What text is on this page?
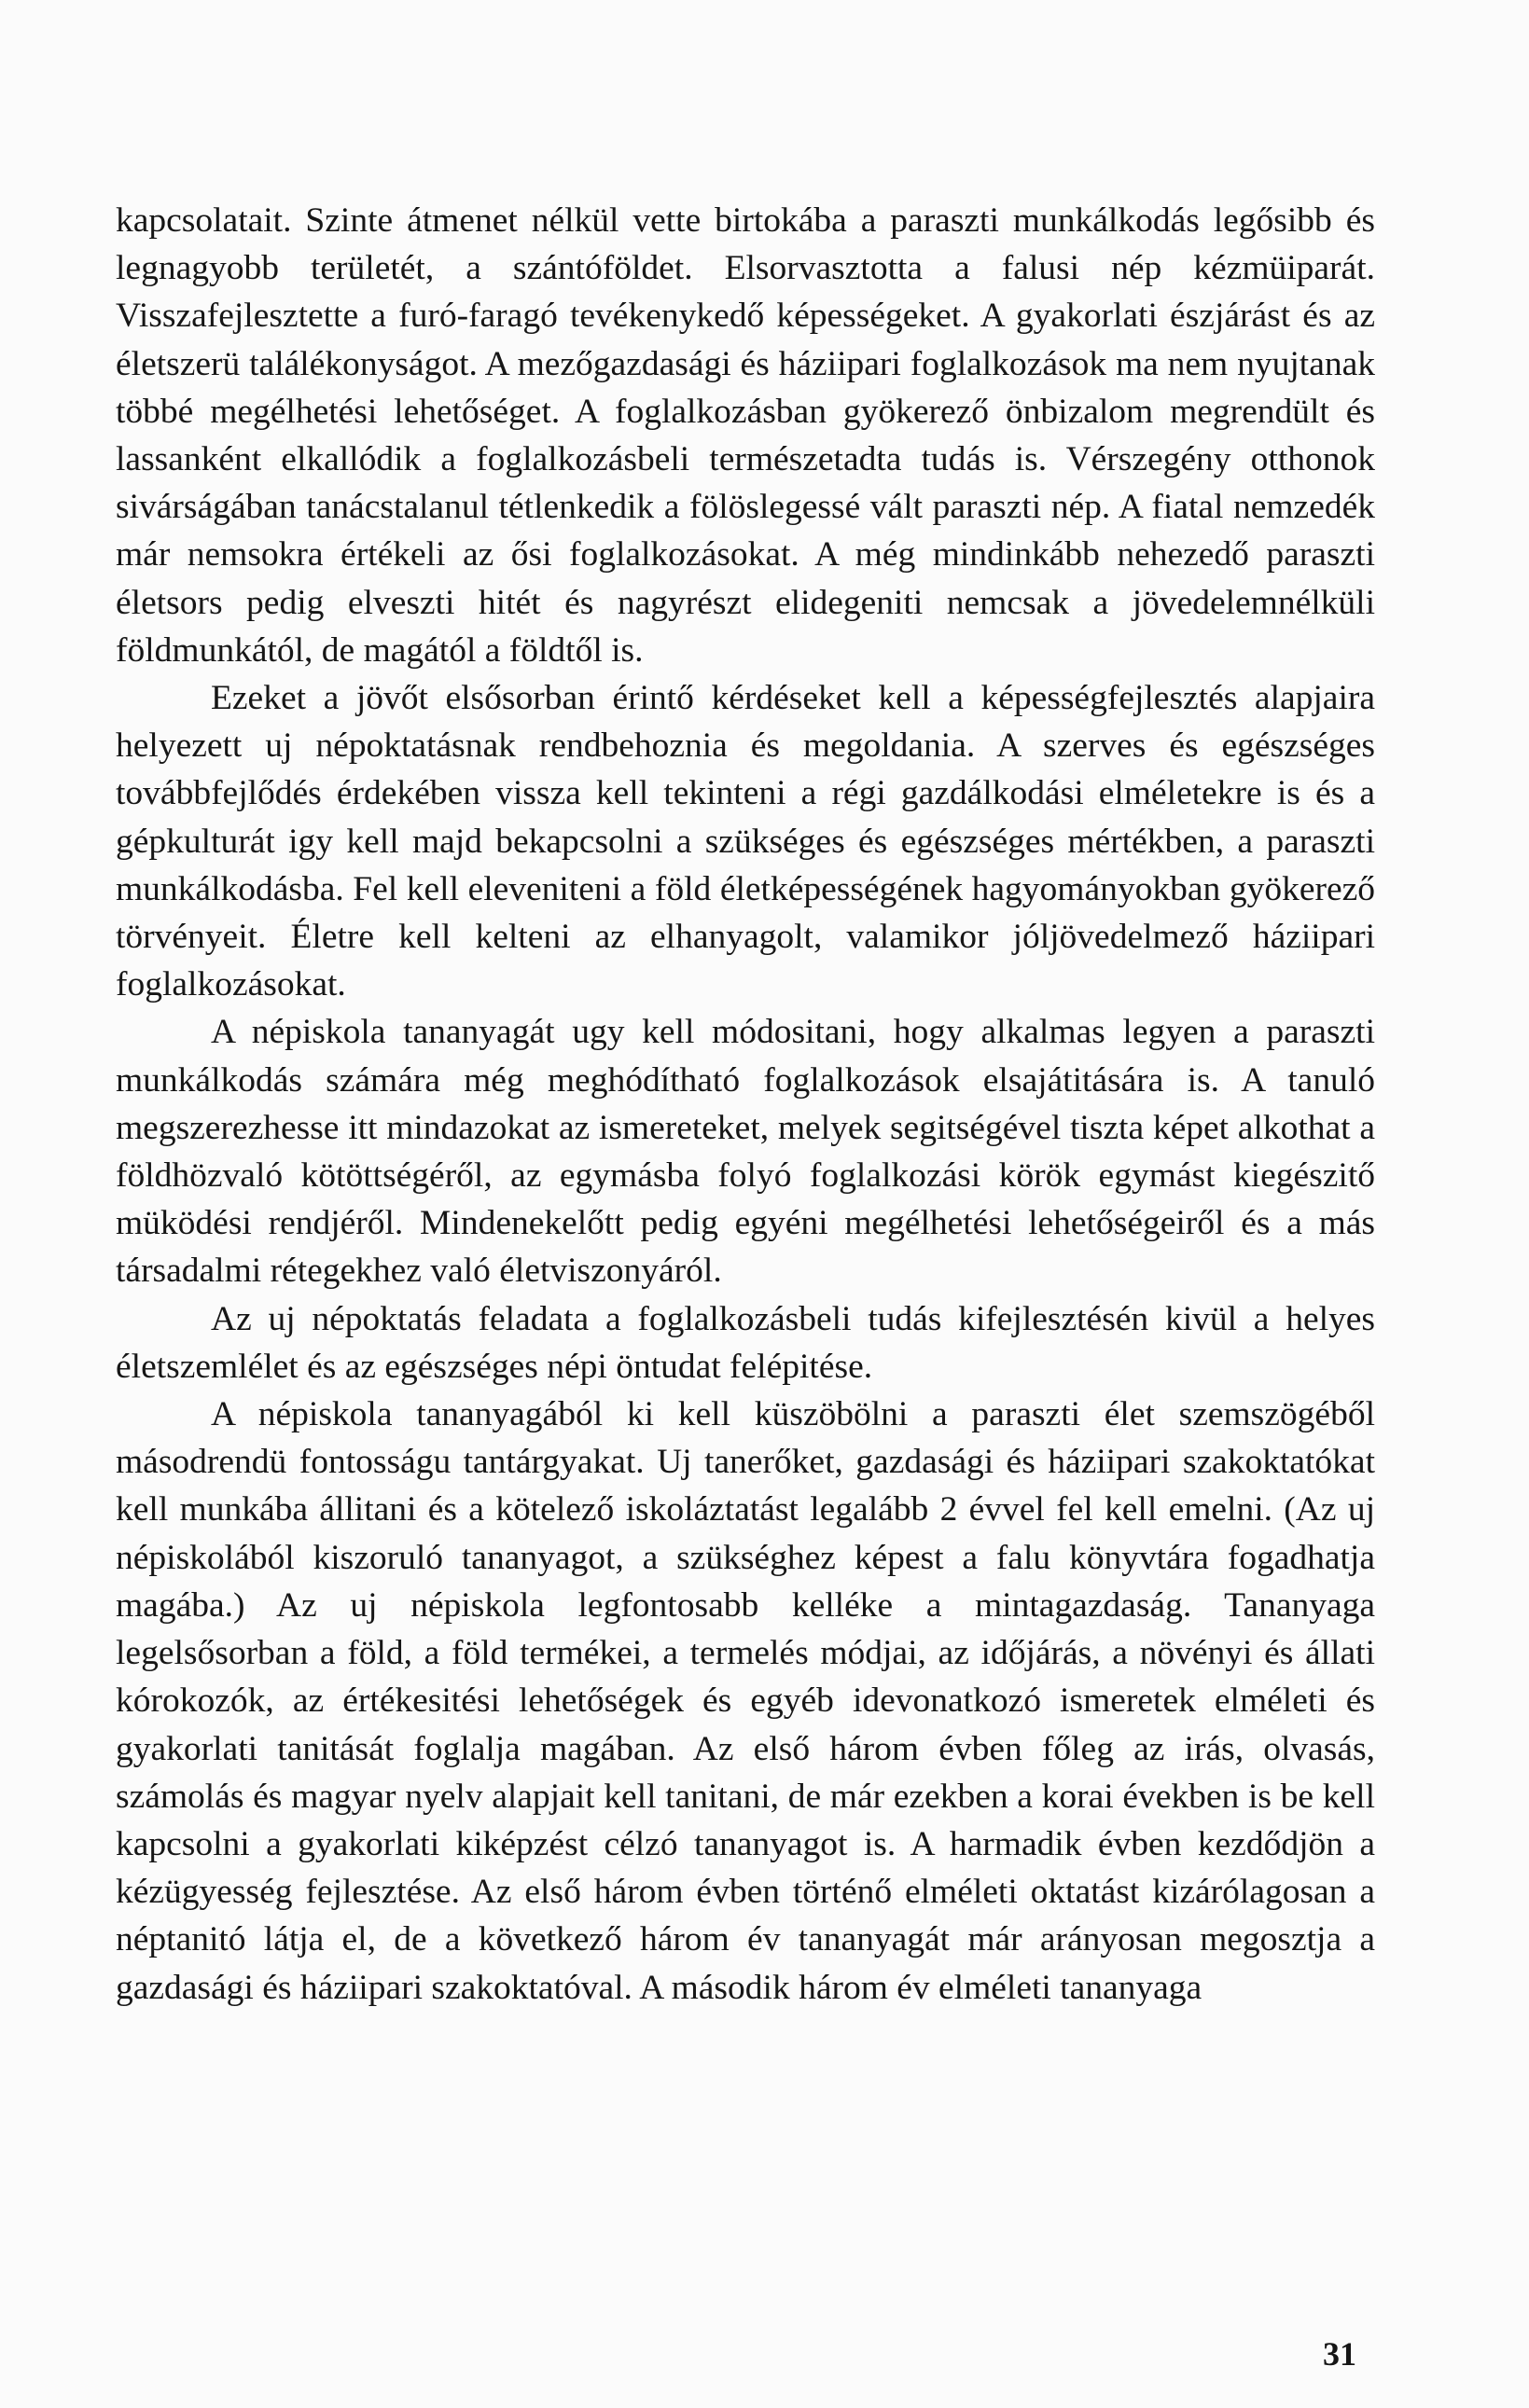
kapcsolatait. Szinte átmenet nélkül vette birtokába a paraszti munkálkodás legősibb és legnagyobb területét, a szántóföldet. Elsorvasztotta a falusi nép kézmüiparát. Visszafejlesztette a furó-faragó tevékenykedő képességeket. A gyakorlati észjárást és az életszerü találékonyságot. A mezőgazdasági és háziipari foglalkozások ma nem nyujtanak többé megélhetési lehetőséget. A foglalkozásban gyökerező önbizalom megrendült és lassanként elkallódik a foglalkozásbeli természetadta tudás is. Vérszegény otthonok sivárságában tanácstalanul tétlenkedik a fölöslegessé vált paraszti nép. A fiatal nemzedék már nemsokra értékeli az ősi foglalkozásokat. A még mindinkább nehezedő paraszti életsors pedig elveszti hitét és nagyrészt elidegeniti nemcsak a jövedelemnélküli földmunkától, de magától a földtől is.

Ezeket a jövőt elsősorban érintő kérdéseket kell a képességfejlesztés alapjaira helyezett uj népoktatásnak rendbehoznia és megoldania. A szerves és egészséges továbbfejlődés érdekében vissza kell tekinteni a régi gazdálkodási elméletekre is és a gépkulturát igy kell majd bekapcsolni a szükséges és egészséges mértékben, a paraszti munkálkodásba. Fel kell eleveniteni a föld életképességének hagyományokban gyökerező törvényeit. Életre kell kelteni az elhanyagolt, valamikor jóljövedelmező háziipari foglalkozásokat.

A népiskola tananyagát ugy kell módositani, hogy alkalmas legyen a paraszti munkálkodás számára még meghódítható foglalkozások elsajátitására is. A tanuló megszerezhesse itt mindazokat az ismereteket, melyek segitségével tiszta képet alkothat a földhözvaló kötöttségéről, az egymásba folyó foglalkozási körök egymást kiegészitő müködési rendjéről. Mindenekelőtt pedig egyéni megélhetési lehetőségeiről és a más társadalmi rétegekhez való életviszonyáról.

Az uj népoktatás feladata a foglalkozásbeli tudás kifejlesztésén kivül a helyes életszemlélet és az egészséges népi öntudat felépitése.

A népiskola tananyagából ki kell küszöbölni a paraszti élet szemszögéből másodrendü fontosságu tantárgyakat. Uj tanerőket, gazdasági és háziipari szakoktatókat kell munkába állitani és a kötelező iskoláztatást legalább 2 évvel fel kell emelni. (Az uj népiskolából kiszoruló tananyagot, a szükséghez képest a falu könyvtára fogadhatja magába.) Az uj népiskola legfontosabb kelléke a mintagazdaság. Tananyaga legelsősorban a föld, a föld termékei, a termelés módjai, az időjárás, a növényi és állati kórokozók, az értékesitési lehetőségek és egyéb idevonatkozó ismeretek elméleti és gyakorlati tanitását foglalja magában. Az első három évben főleg az irás, olvasás, számolás és magyar nyelv alapjait kell tanitani, de már ezekben a korai években is be kell kapcsolni a gyakorlati kiképzést célzó tananyagot is. A harmadik évben kezdődjön a kézügyesség fejlesztése. Az első három évben történő elméleti oktatást kizárólagosan a néptanitó látja el, de a következő három év tananyagát már arányosan megosztja a gazdasági és háziipari szakoktatóval. A második három év elméleti tananyaga

31
